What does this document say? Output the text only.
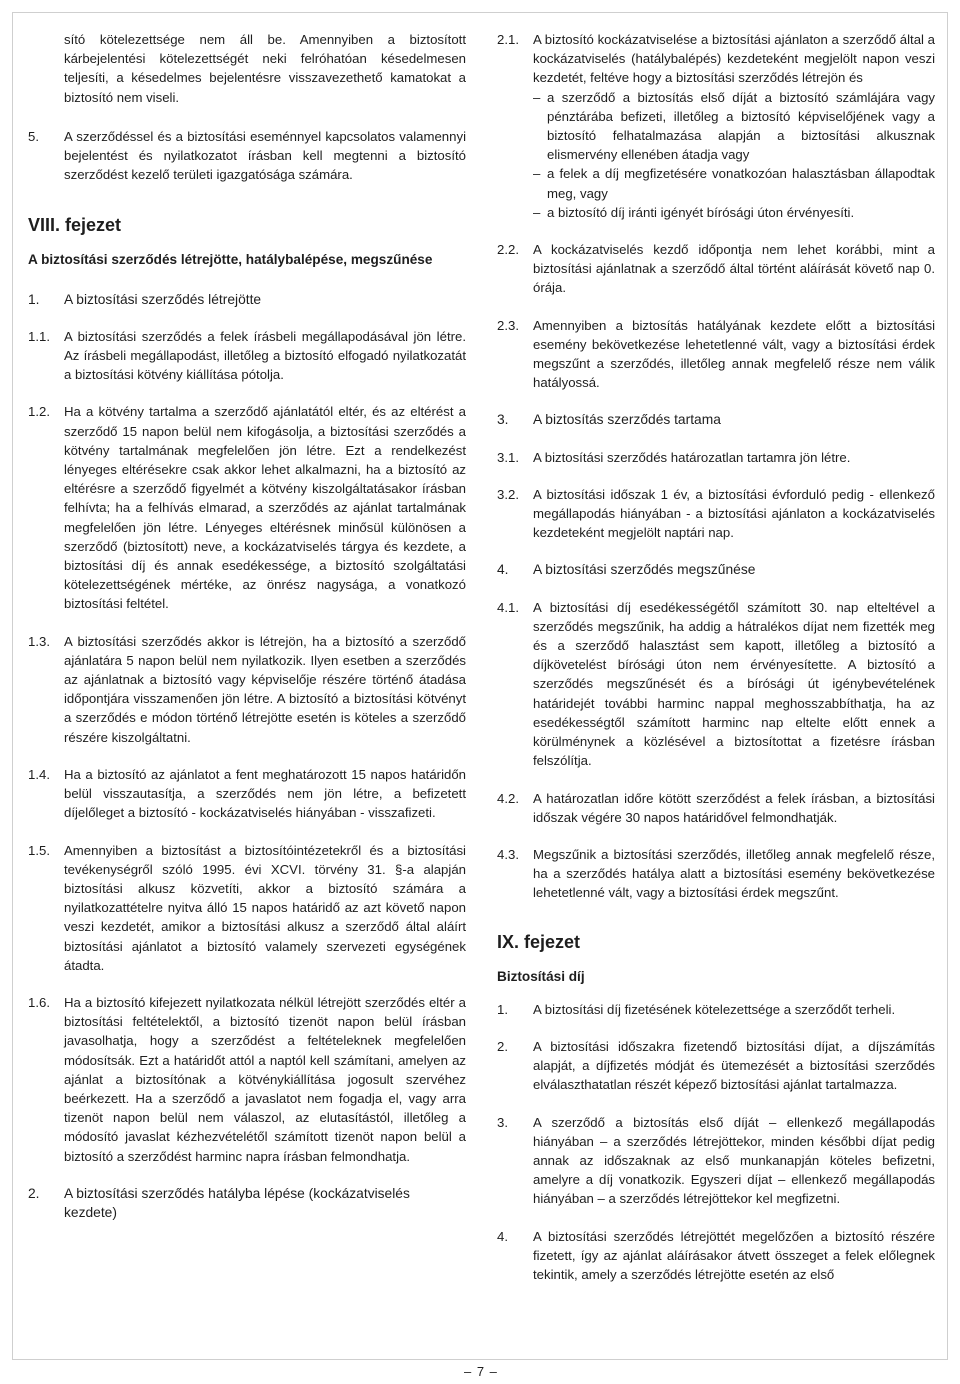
sító kötelezettsége nem áll be. Amennyiben a biztosított kárbejelentési kötelezettségét neki felróhatóan késedelmesen teljesíti, a késedelmes bejelentésre visszavezethető kamatokat a biztosító nem viseli.

5. A szerződéssel és a biztosítási eseménnyel kapcsolatos valamennyi bejelentést és nyilatkozatot írásban kell megtenni a biztosító szerződést kezelő területi igazgatósága számára.

VIII. fejezet
A biztosítási szerződés létrejötte, hatálybalépése, megszűnése
1. A biztosítási szerződés létrejötte

1.1. A biztosítási szerződés a felek írásbeli megállapodásával jön létre. Az írásbeli megállapodást, illetőleg a biztosító elfogadó nyilatkozatát a biztosítási kötvény kiállítása pótolja.

1.2. Ha a kötvény tartalma a szerződő ajánlatától eltér, és az eltérést a szerződő 15 napon belül nem kifogásolja, a biztosítási szerződés a kötvény tartalmának megfelelően jön létre. Ezt a rendelkezést lényeges eltérésekre csak akkor lehet alkalmazni, ha a biztosító az eltérésre a szerződő figyelmét a kötvény kiszolgáltatásakor írásban felhívta; ha a felhívás elmarad, a szerződés az ajánlat tartalmának megfelelően jön létre. Lényeges eltérésnek minősül különösen a szerződő (biztosított) neve, a kockázatviselés tárgya és kezdete, a biztosítási díj és annak esedékessége, a biztosító szolgáltatási kötelezettségének mértéke, az önrész nagysága, a vonatkozó biztosítási feltétel.

1.3. A biztosítási szerződés akkor is létrejön, ha a biztosító a szerződő ajánlatára 5 napon belül nem nyilatkozik. Ilyen esetben a szerződés az ajánlatnak a biztosító vagy képviselője részére történő átadása időpontjára visszamenően jön létre. A biztosító a biztosítási kötvényt a szerződés e módon történő létrejötte esetén is köteles a szerződő részére kiszolgáltatni.

1.4. Ha a biztosító az ajánlatot a fent meghatározott 15 napos határidőn belül visszautasítja, a szerződés nem jön létre, a befizetett díjelőleget a biztosító - kockázatviselés hiányában - visszafizeti.

1.5. Amennyiben a biztosítást a biztosítóintézetekről és a biztosítási tevékenységről szóló 1995. évi XCVI. törvény 31. §-a alapján biztosítási alkusz közvetíti, akkor a biztosító számára a nyilatkozattételre nyitva álló 15 napos határidő az azt követő napon veszi kezdetét, amikor a biztosítási alkusz a szerződő által aláírt biztosítási ajánlatot a biztosító valamely szervezeti egységének átadta.

1.6. Ha a biztosító kifejezett nyilatkozata nélkül létrejött szerződés eltér a biztosítási feltételektől, a biztosító tizenöt napon belül írásban javasolhatja, hogy a szerződést a feltételeknek megfelelően módosítsák. Ezt a határidőt attól a naptól kell számítani, amelyen az ajánlat a biztosítónak a kötvénykiállítása jogosult szervéhez beérkezett. Ha a szerződő a javaslatot nem fogadja el, vagy arra tizenöt napon belül nem válaszol, az elutasítástól, illetőleg a módosító javaslat kézhezvételétől számított tizenöt napon belül a biztosító a szerződést harminc napra írásban felmondhatja.

2. A biztosítási szerződés hatályba lépése (kockázatviselés kezdete)

2.1. A biztosító kockázatviselése a biztosítási ajánlaton a szerződő által a kockázatviselés (hatálybalépés) kezdeteként megjelölt napon veszi kezdetét, feltéve hogy a biztosítási szerződés létrejön és

– a szerződő a biztosítás első díját a biztosító számlájára vagy pénztárába befizeti, illetőleg a biztosító képviselőjének vagy a biztosító felhatalmazása alapján a biztosítási alkusznak elismervény ellenében átadja vagy
– a felek a díj megfizetésére vonatkozóan halasztásban állapodtak meg, vagy
– a biztosító díj iránti igényét bírósági úton érvényesíti.

2.2. A kockázatviselés kezdő időpontja nem lehet korábbi, mint a biztosítási ajánlatnak a szerződő által történt aláírását követő nap 0. órája.

2.3. Amennyiben a biztosítás hatályának kezdete előtt a biztosítási esemény bekövetkezése lehetetlenné vált, vagy a biztosítási érdek megszűnt a szerződés, illetőleg annak megfelelő része nem válik hatályossá.

3. A biztosítás szerződés tartama

3.1. A biztosítási szerződés határozatlan tartamra jön létre.

3.2. A biztosítási időszak 1 év, a biztosítási évforduló pedig - ellenkező megállapodás hiányában - a biztosítási ajánlaton a kockázatviselés kezdeteként megjelölt naptári nap.

4. A biztosítási szerződés megszűnése

4.1. A biztosítási díj esedékességétől számított 30. nap elteltével a szerződés megszűnik, ha addig a hátralékos díjat nem fizették meg és a szerződő halasztást sem kapott, illetőleg a biztosító a díjkövetelést bírósági úton nem érvényesítette. A biztosító a szerződés megszűnését és a bírósági út igénybevételének határidejét további harminc nappal meghosszabbíthatja, ha az esedékességtől számított harminc nap eltelte előtt ennek a körülménynek a közlésével a biztosítottat a fizetésre írásban felszólítja.

4.2. A határozatlan időre kötött szerződést a felek írásban, a biztosítási időszak végére 30 napos határidővel felmondhatják.

4.3. Megszűnik a biztosítási szerződés, illetőleg annak megfelelő része, ha a szerződés hatálya alatt a biztosítási esemény bekövetkezése lehetetlenné vált, vagy a biztosítási érdek megszűnt.

IX. fejezet
Biztosítási díj

1. A biztosítási díj fizetésének kötelezettsége a szerződőt terheli.

2. A biztosítási időszakra fizetendő biztosítási díjat, a díjszámítás alapját, a díjfizetés módját és ütemezését a biztosítási szerződés elválaszthatatlan részét képező biztosítási ajánlat tartalmazza.

3. A szerződő a biztosítás első díját – ellenkező megállapodás hiányában – a szerződés létrejöttekor, minden későbbi díjat pedig annak az időszaknak az első munkanapján köteles befizetni, amelyre a díj vonatkozik. Egyszeri díjat – ellenkező megállapodás hiányában – a szerződés létrejöttekor kel megfizetni.

4. A biztosítási szerződés létrejöttét megelőzően a biztosító részére fizetett, így az ajánlat aláírásakor átvett összeget a felek előlegnek tekintik, amely a szerződés létrejötte esetén az első

– 7 –
